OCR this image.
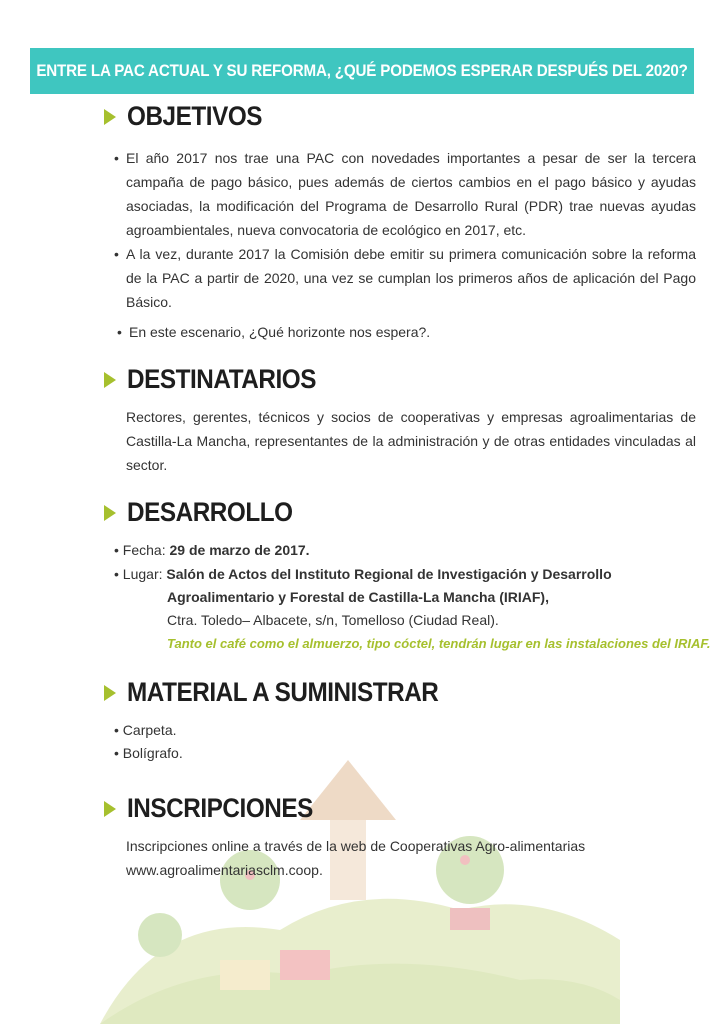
ENTRE LA PAC ACTUAL Y SU REFORMA, ¿QUÉ PODEMOS ESPERAR DESPUÉS DEL 2020?
OBJETIVOS
• El año 2017 nos trae una PAC con novedades importantes a pesar de ser la tercera campaña de pago básico, pues además de ciertos cambios en el pago básico y ayudas asociadas, la modificación del Programa de Desarrollo Rural (PDR) trae nuevas ayudas agroambientales, nueva convocatoria de ecológico en 2017, etc.
• A la vez, durante 2017 la Comisión debe emitir su primera comunicación sobre la reforma de la PAC a partir de 2020, una vez se cumplan los primeros años de aplicación del Pago Básico.
• En este escenario, ¿Qué horizonte nos espera?.
DESTINATARIOS
Rectores, gerentes, técnicos y socios de cooperativas y empresas agroalimentarias de Castilla-La Mancha, representantes de la administración y de otras entidades vinculadas al sector.
DESARROLLO
• Fecha: 29 de marzo de 2017.
• Lugar: Salón de Actos del Instituto Regional de Investigación y Desarrollo
Agroalimentario y Forestal de Castilla-La Mancha (IRIAF),
Ctra. Toledo– Albacete, s/n, Tomelloso (Ciudad Real).
Tanto el café como el almuerzo, tipo cóctel, tendrán lugar en las instalaciones del IRIAF.
MATERIAL A SUMINISTRAR
• Carpeta.
• Bolígrafo.
INSCRIPCIONES
Inscripciones online a través de la web de Cooperativas Agro-alimentarias
www.agroalimentariasclm.coop.
